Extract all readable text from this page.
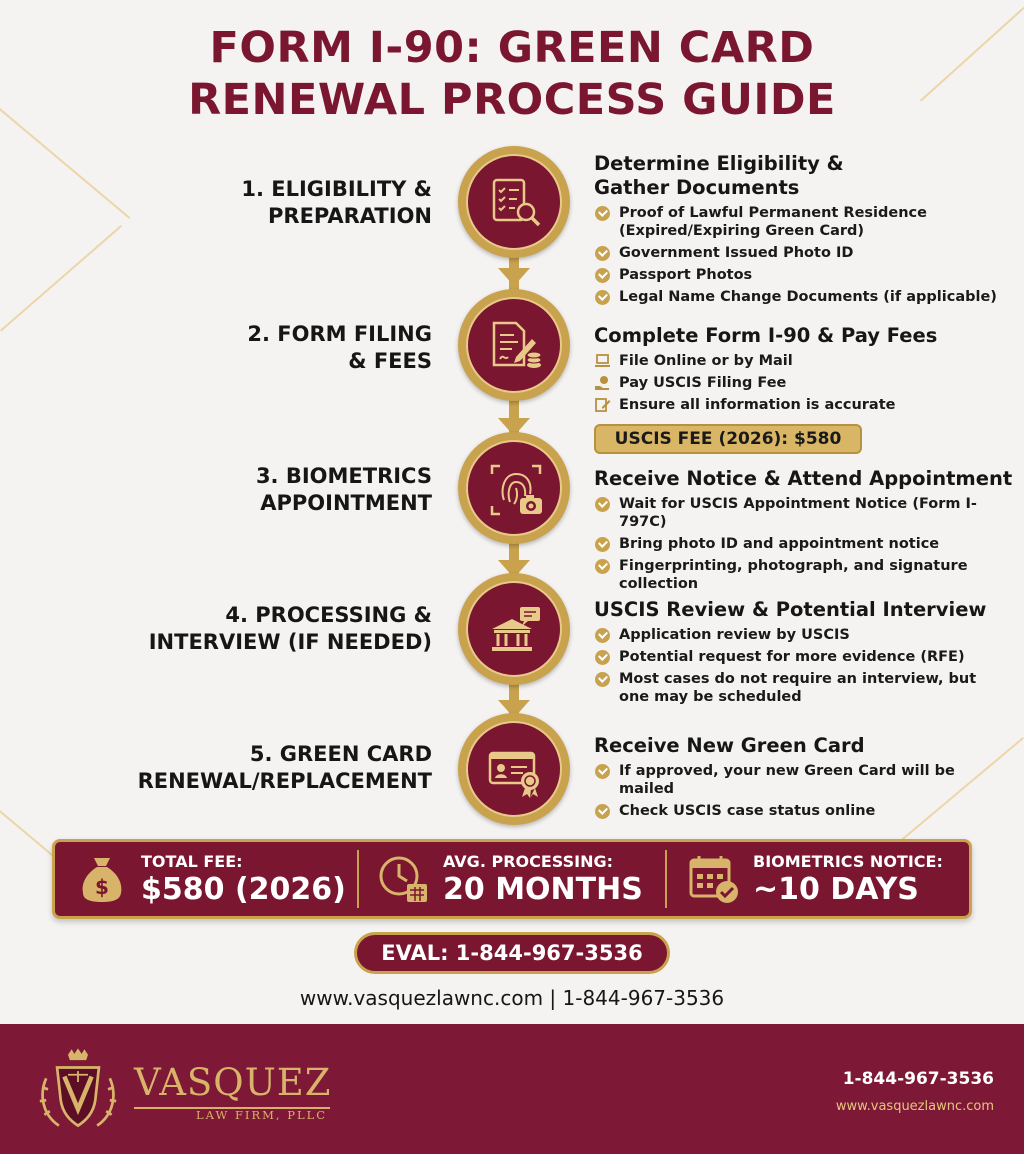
FORM I-90: GREEN CARD
RENEWAL PROCESS GUIDE
1. ELIGIBILITY &
PREPARATION
Determine Eligibility &
Gather Documents
Proof of Lawful Permanent Residence
(Expired/Expiring Green Card)
Government Issued Photo ID
Passport Photos
Legal Name Change Documents (if applicable)
2. FORM FILING
& FEES
Complete Form I-90 & Pay Fees
File Online or by Mail
Pay USCIS Filing Fee
Ensure all information is accurate
USCIS FEE (2026): $580
3. BIOMETRICS
APPOINTMENT
Receive Notice & Attend Appointment
Wait for USCIS Appointment Notice (Form I-797C)
Bring photo ID and appointment notice
Fingerprinting, photograph, and signature
collection
4. PROCESSING &
INTERVIEW (IF NEEDED)
USCIS Review & Potential Interview
Application review by USCIS
Potential request for more evidence (RFE)
Most cases do not require an interview, but
one may be scheduled
5. GREEN CARD
RENEWAL/REPLACEMENT
Receive New Green Card
If approved, your new Green Card will be mailed
Check USCIS case status online
$
TOTAL FEE:
$580 (2026)
AVG. PROCESSING:
20 MONTHS
BIOMETRICS NOTICE:
~10 DAYS
EVAL: 1-844-967-3536
www.vasquezlawnc.com | 1-844-967-3536
VASQUEZ
LAW FIRM, PLLC
1-844-967-3536
www.vasquezlawnc.com
